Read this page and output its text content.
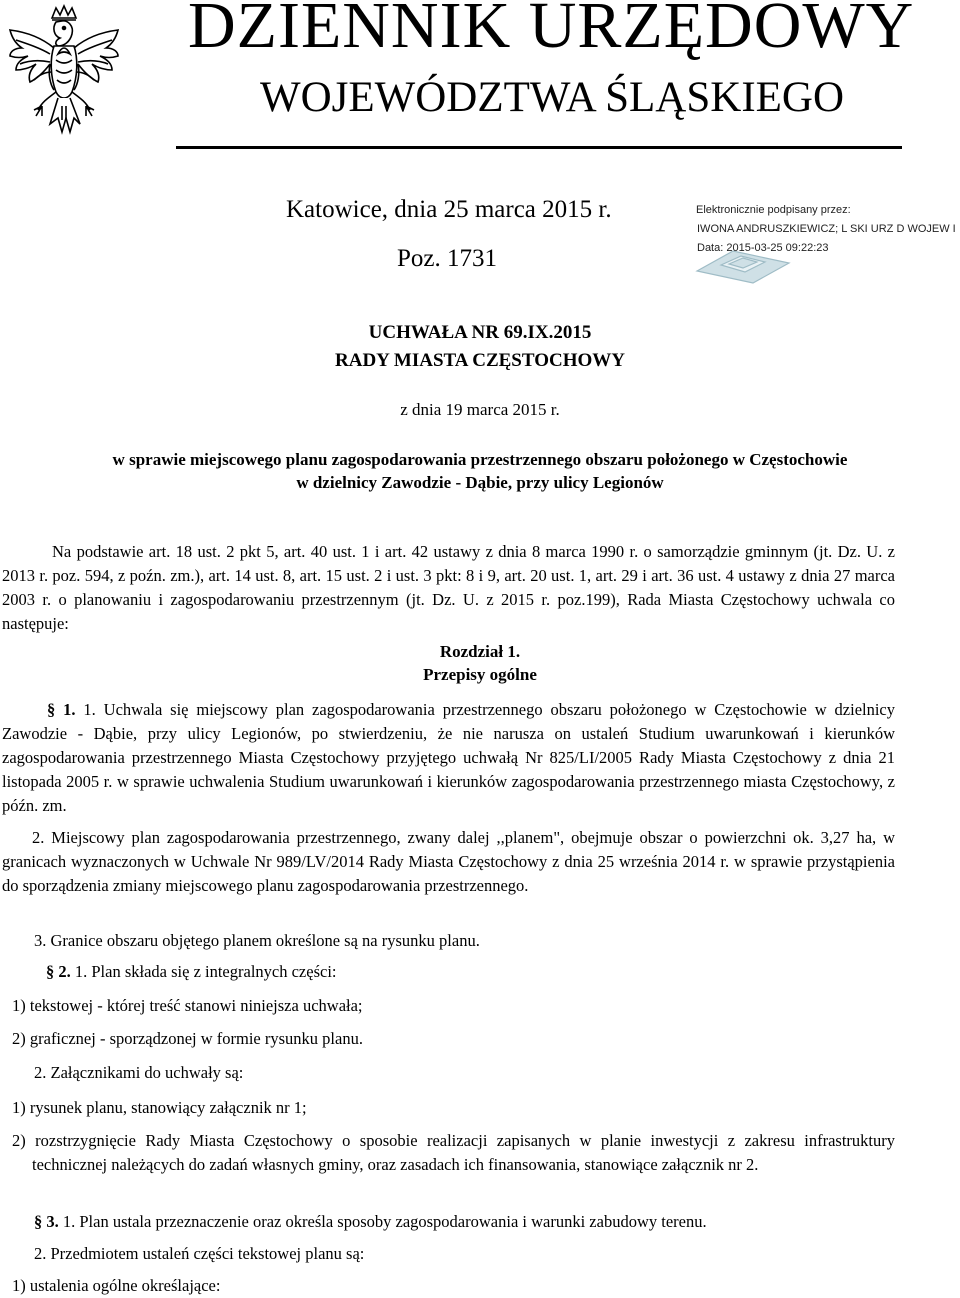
DZIENNIK URZĘDOWY
WOJEWÓDZTWA ŚLĄSKIEGO
Katowice, dnia 25 marca 2015 r.
Poz. 1731
Elektronicznie podpisany przez:
IWONA ANDRUSZKIEWICZ; L SKI URZ D WOJEW I
Data: 2015-03-25 09:22:23
UCHWAŁA NR 69.IX.2015
RADY MIASTA CZĘSTOCHOWY
z dnia 19 marca 2015 r.
w sprawie miejscowego planu zagospodarowania przestrzennego obszaru położonego w Częstochowie
w dzielnicy Zawodzie - Dąbie, przy ulicy Legionów

Na podstawie art. 18 ust. 2 pkt 5, art. 40 ust. 1 i art. 42 ustawy z dnia 8 marca 1990 r. o samorządzie gminnym (jt. Dz. U. z 2013 r. poz. 594, z poźn. zm.), art. 14 ust. 8, art. 15 ust. 2 i ust. 3 pkt: 8 i 9, art. 20 ust. 1, art. 29 i art. 36 ust. 4 ustawy z dnia 27 marca 2003 r. o planowaniu i zagospodarowaniu przestrzennym (jt. Dz. U. z 2015 r. poz.199), Rada Miasta Częstochowy uchwala co następuje:

Rozdział 1.
Przepisy ogólne

§ 1. 1. Uchwala się miejscowy plan zagospodarowania przestrzennego obszaru położonego w Częstochowie w dzielnicy Zawodzie - Dąbie, przy ulicy Legionów, po stwierdzeniu, że nie narusza on ustaleń Studium uwarunkowań i kierunków zagospodarowania przestrzennego Miasta Częstochowy przyjętego uchwałą Nr 825/LI/2005 Rady Miasta Częstochowy z dnia 21 listopada 2005 r. w sprawie uchwalenia Studium uwarunkowań i kierunków zagospodarowania przestrzennego miasta Częstochowy, z późn. zm.

2. Miejscowy plan zagospodarowania przestrzennego, zwany dalej ,,planem", obejmuje obszar o powierzchni ok. 3,27 ha, w granicach wyznaczonych w Uchwale Nr 989/LV/2014 Rady Miasta Częstochowy z dnia 25 września 2014 r. w sprawie przystąpienia do sporządzenia zmiany miejscowego planu zagospodarowania przestrzennego.

3. Granice obszaru objętego planem określone są na rysunku planu.
§ 2. 1. Plan składa się z integralnych części:
1) tekstowej - której treść stanowi niniejsza uchwała;
2) graficznej - sporządzonej w formie rysunku planu.
2. Załącznikami do uchwały są:
1) rysunek planu, stanowiący załącznik nr 1;

2) rozstrzygnięcie Rady Miasta Częstochowy o sposobie realizacji zapisanych w planie inwestycji z zakresu infrastruktury technicznej należących do zadań własnych gminy, oraz zasadach ich finansowania, stanowiące załącznik nr 2.

§ 3. 1. Plan ustala przeznaczenie oraz określa sposoby zagospodarowania i warunki zabudowy terenu.
2. Przedmiotem ustaleń części tekstowej planu są:
1) ustalenia ogólne określające:
